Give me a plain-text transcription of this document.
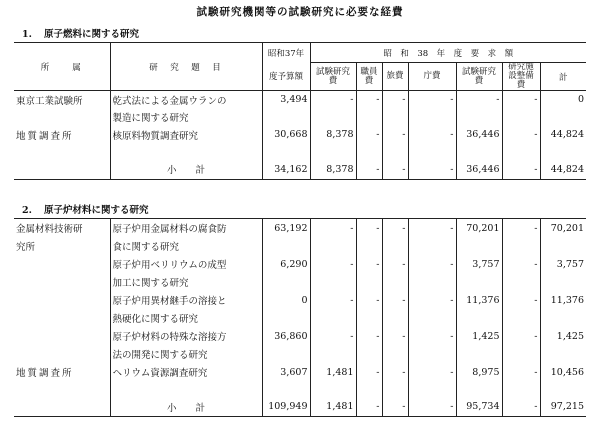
試験研究機関等の試験研究に必要な経費
1. 原子燃料に関する研究
所　　属	研　究　題　目	昭和37年	昭　和　38　年　度　要　求　額						
		度予算額	試験研究費	職員費	旅費	庁費	試験研究費	研究施設整備費	計
東京工業試験所	乾式法による金属ウランの	3,494	-	-	-	-	-	-	0
	製造に関する研究								
地質調査所	核原料物質調査研究	30,668	8,378	-	-	-	36,446	-	44,824

	小　　計	34,162	8,378	-	-	-	36,446	-	44,824
2. 原子炉材料に関する研究
金属材料技術研	原子炉用金属材料の腐食防	63,192	-	-	-	-	70,201	-	70,201
究所	食に関する研究								
	原子炉用ベリリウムの成型	6,290	-	-	-	-	3,757	-	3,757
	加工に関する研究								
	原子炉用異材継手の溶接と	0	-	-	-	-	11,376	-	11,376
	熱硬化に関する研究								
	原子炉材料の特殊な溶接方	36,860	-	-	-	-	1,425	-	1,425
	法の開発に関する研究								
地質調査所	ヘリウム資源調査研究	3,607	1,481	-	-	-	8,975	-	10,456

	小　　計	109,949	1,481	-	-	-	95,734	-	97,215
